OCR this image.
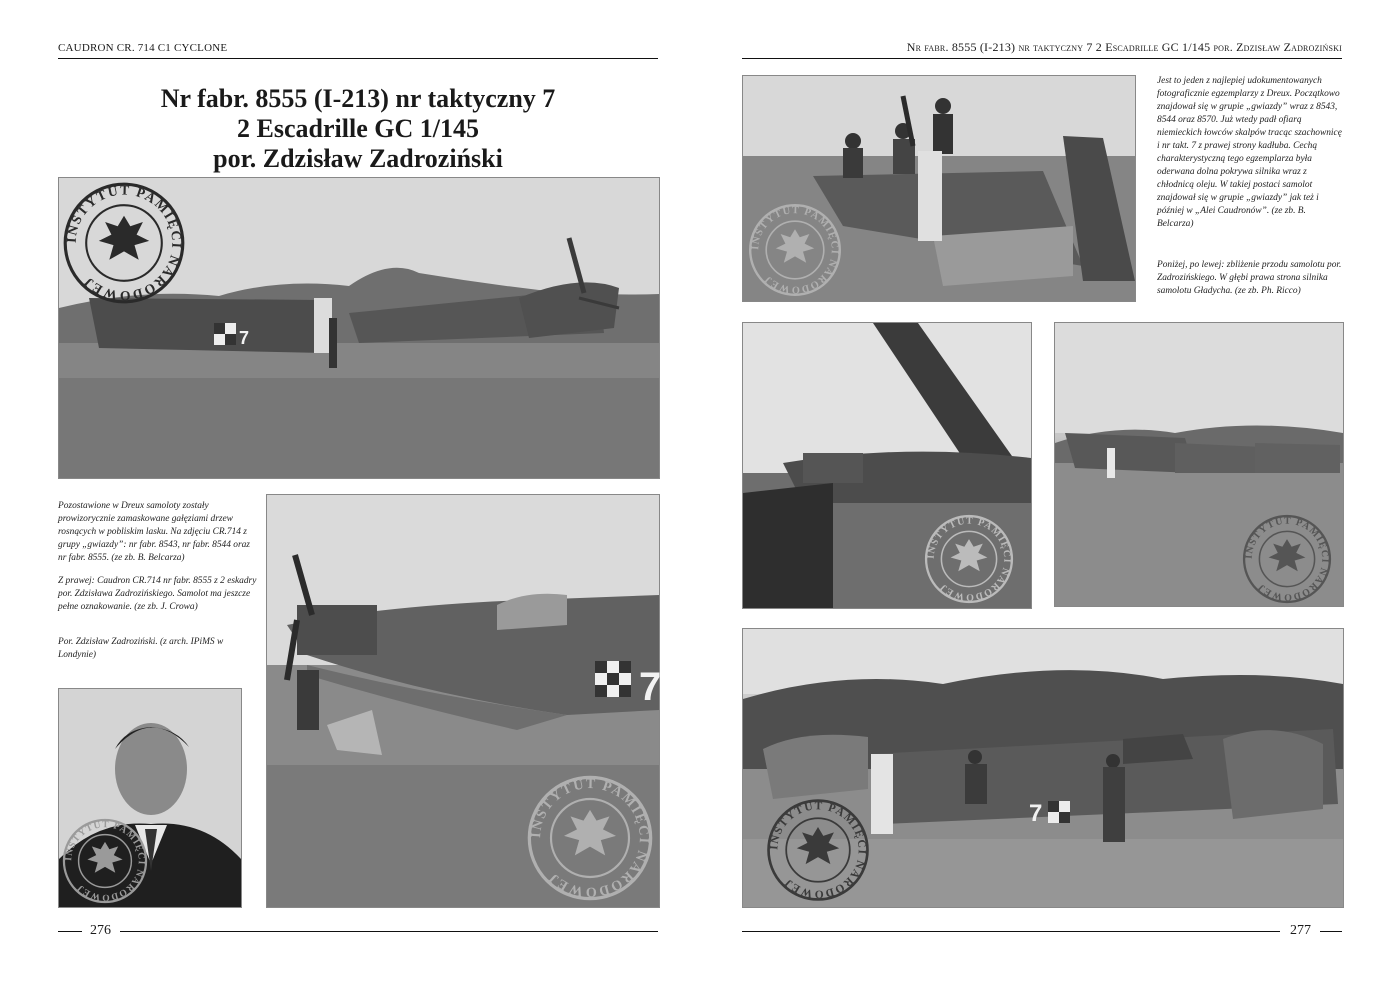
CAUDRON CR. 714 C1 CYCLONE
Nr fabr. 8555 (I-213) nr taktyczny 7
2 Escadrille GC 1/145
por. Zdzisław Zadroziński
7
INSTYTUT PAMIĘCI NARODOWEJ

Pozostawione w Dreux samoloty zostały prowizorycznie zamaskowane gałęziami drzew rosnących w pobliskim lasku. Na zdjęciu CR.714 z grupy „gwiazdy”: nr fabr. 8543, nr fabr. 8544 oraz nr fabr. 8555. (ze zb. B. Belcarza)

Z prawej: Caudron CR.714 nr fabr. 8555 z 2 eskadry por. Zdzisława Zadrozińskiego. Samolot ma jeszcze pełne oznakowanie. (ze zb. J. Crowa)

Por. Zdzisław Zadroziński. (z arch. IPiMS w Londynie)

INSTYTUT PAMIĘCI NARODOWEJ
7
INSTYTUT PAMIĘCI NARODOWEJ
276
Nr fabr. 8555 (I-213) nr taktyczny 7 2 Escadrille GC 1/145 por. Zdzisław Zadroziński
INSTYTUT PAMIĘCI NARODOWEJ

Jest to jeden z najlepiej udokumentowanych fotograficznie egzemplarzy z Dreux. Początkowo znajdował się w grupie „gwiazdy” wraz z 8543, 8544 oraz 8570. Już wtedy padł ofiarą niemieckich łowców skalpów tracąc szachownicę i nr takt. 7 z prawej strony kadłuba. Cechą charakterystyczną tego egzemplarza była oderwana dolna pokrywa silnika wraz z chłodnicą oleju. W takiej postaci samolot znajdował się w grupie „gwiazdy” jak też i później w „Alei Caudronów”. (ze zb. B. Belcarza)

Poniżej, po lewej: zbliżenie przodu samolotu por. Zadrozińskiego. W głębi prawa strona silnika samolotu Gładycha. (ze zb. Ph. Ricco)

INSTYTUT PAMIĘCI NARODOWEJ
INSTYTUT PAMIĘCI NARODOWEJ
7
INSTYTUT PAMIĘCI NARODOWEJ
277
